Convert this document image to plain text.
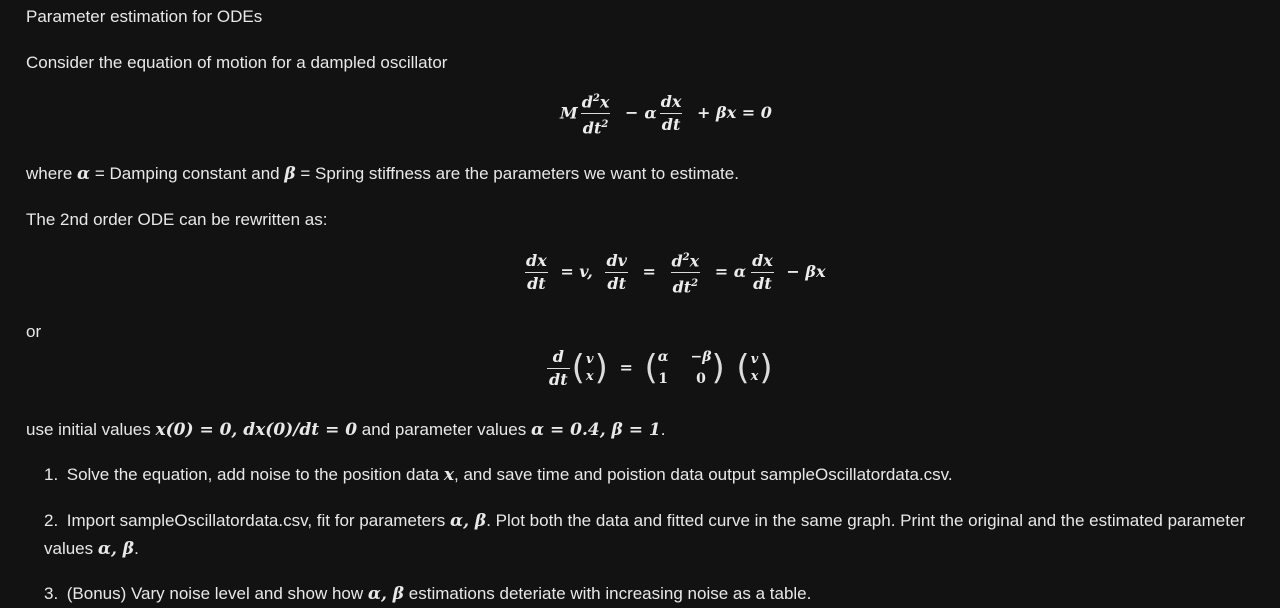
Parameter estimation for ODEs
Consider the equation of motion for a dampled oscillator
M $\frac{d^2x}{dt^2} - \alpha \frac{dx}{dt} + \beta x = 0$
where α = Damping constant and β = Spring stiffness are the parameters we want to estimate.
The 2nd order ODE can be rewritten as:
$\frac{dx}{dt} = v$, $\frac{dv}{dt} = \frac{d^2x}{dt^2} = \alpha \frac{dx}{dt} - \beta x$
or
$\frac{d}{dt}$ ( v
x ) = ( α −β
1	0 ) ( v
x )
use initial values x(0) = 0, dx(0)/dt = 0 and parameter values α = 0.4, β = 1.
1. Solve the equation, add noise to the position data x, and save time and poistion data output sampleOscillatordata.csv.
2. Import sampleOscillatordata.csv, fit for parameters α, β. Plot both the data and fitted curve in the same graph. Print the original and the estimated parameter values α, β.
3. (Bonus) Vary noise level and show how α, β estimations deteriate with increasing noise as a table.
